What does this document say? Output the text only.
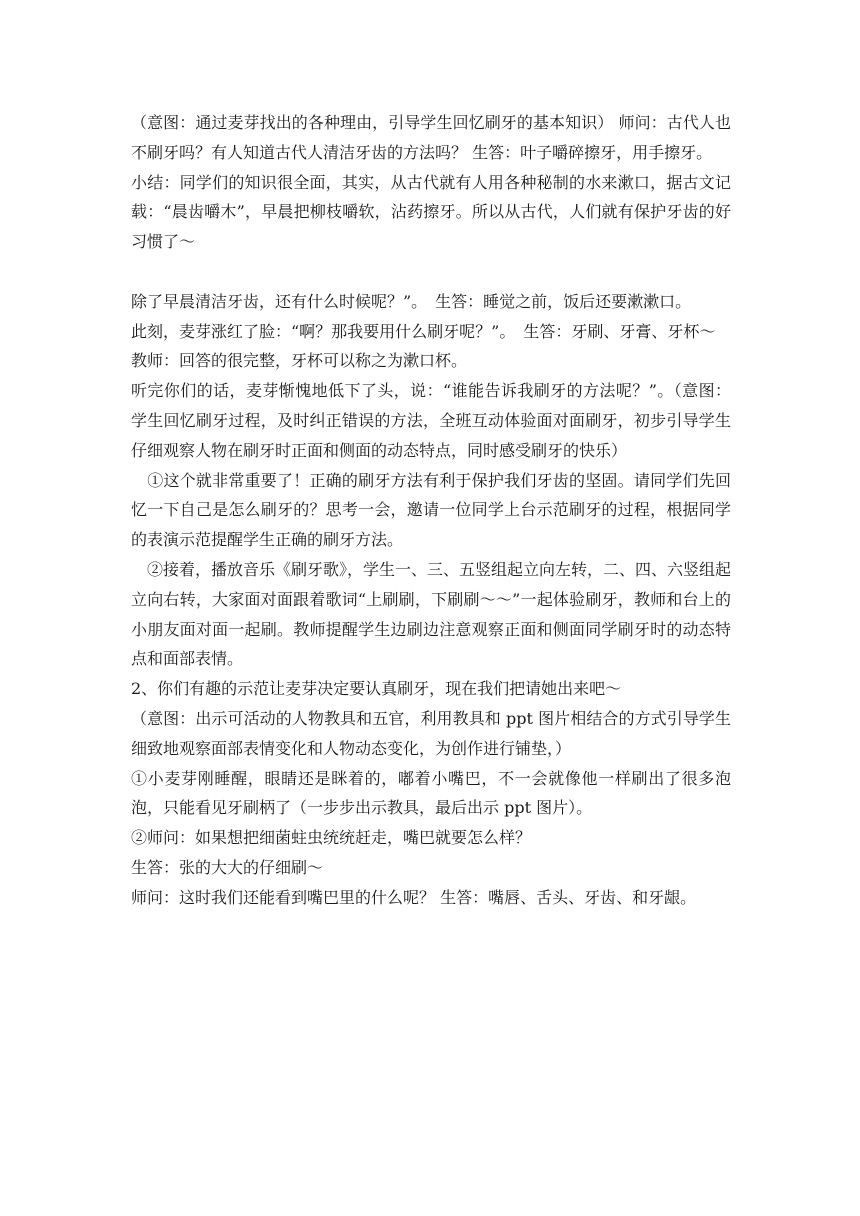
（意图：通过麦芽找出的各种理由，引导学生回忆刷牙的基本知识） 师问：古代人也不刷牙吗？有人知道古代人清洁牙齿的方法吗？ 生答：叶子嚼碎擦牙，用手擦牙。

小结：同学们的知识很全面，其实，从古代就有人用各种秘制的水来漱口，据古文记载：“晨齿嚼木”，早晨把柳枝嚼软，沾药擦牙。所以从古代，人们就有保护牙齿的好习惯了～

除了早晨清洁牙齿，还有什么时候呢？”。　生答：睡觉之前，饭后还要漱漱口。

此刻，麦芽涨红了脸：“啊？那我要用什么刷牙呢？”。　生答：牙刷、牙膏、牙杯～

教师：回答的很完整，牙杯可以称之为漱口杯。

听完你们的话，麦芽惭愧地低下了头，说：“谁能告诉我刷牙的方法呢？”。（意图：学生回忆刷牙过程，及时纠正错误的方法，全班互动体验面对面刷牙，初步引导学生仔细观察人物在刷牙时正面和侧面的动态特点，同时感受刷牙的快乐）

　①这个就非常重要了！正确的刷牙方法有利于保护我们牙齿的坚固。请同学们先回忆一下自己是怎么刷牙的？思考一会，邀请一位同学上台示范刷牙的过程，根据同学的表演示范提醒学生正确的刷牙方法。

　②接着，播放音乐《刷牙歌》，学生一、三、五竖组起立向左转，二、四、六竖组起立向右转，大家面对面跟着歌词“上刷刷，下刷刷～～”一起体验刷牙，教师和台上的小朋友面对面一起刷。教师提醒学生边刷边注意观察正面和侧面同学刷牙时的动态特点和面部表情。

2、你们有趣的示范让麦芽决定要认真刷牙，现在我们把请她出来吧～

（意图：出示可活动的人物教具和五官，利用教具和 ppt 图片相结合的方式引导学生细致地观察面部表情变化和人物动态变化，为创作进行铺垫，）

①小麦芽刚睡醒，眼睛还是眯着的，嘟着小嘴巴，不一会就像他一样刷出了很多泡泡，只能看见牙刷柄了（一步步出示教具，最后出示 ppt 图片）。

②师问：如果想把细菌蛀虫统统赶走，嘴巴就要怎么样？

生答：张的大大的仔细刷～

师问：这时我们还能看到嘴巴里的什么呢？ 生答：嘴唇、舌头、牙齿、和牙龈。
